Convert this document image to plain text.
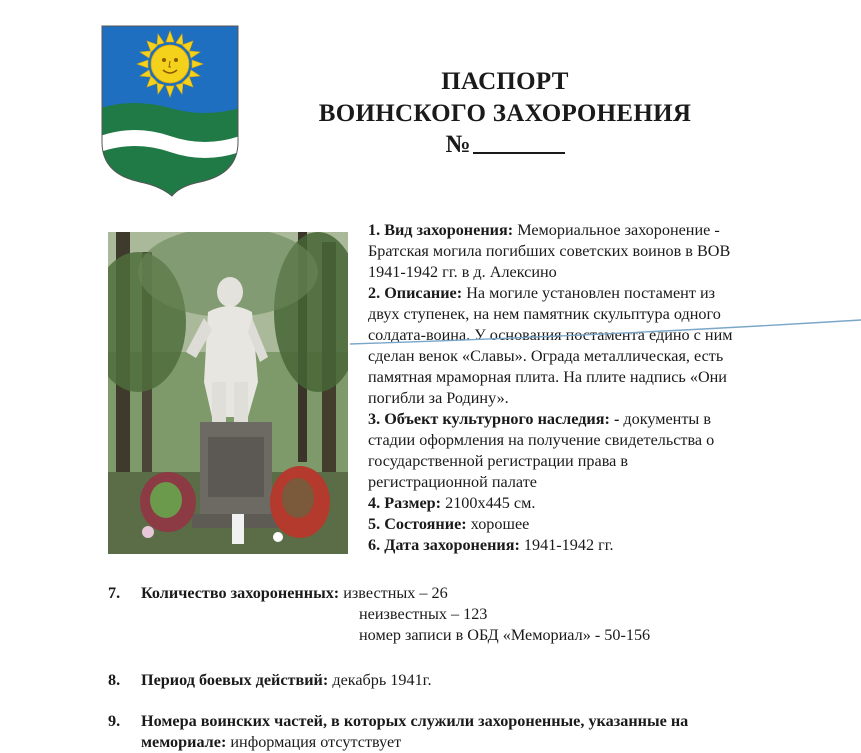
ПАСПОРТ
ВОИНСКОГО ЗАХОРОНЕНИЯ
№

1. Вид захоронения: Мемориальное захоронение -
Братская могила погибших советских воинов в ВОВ
1941-1942 гг. в д. Алексино

2. Описание: На могиле установлен постамент из
двух ступенек, на нем памятник скульптура одного
солдата-воина. У основания постамента едино с ним
сделан венок «Славы». Ограда металлическая, есть
памятная мраморная плита. На плите надпись «Они
погибли за Родину».

3. Объект культурного наследия: - документы в
стадии оформления на получение свидетельства о
государственной регистрации права в
регистрационной палате

4. Размер: 2100х445 см.

5. Состояние: хорошее

6. Дата захоронения: 1941-1942 гг.

7. Количество захороненных: известных – 26
неизвестных – 123
номер записи в ОБД «Мемориал» - 50-156
8. Период боевых действий: декабрь 1941г.
9. Номера воинских частей, в которых служили захороненные, указанные на
мемориале: информация отсутствует
